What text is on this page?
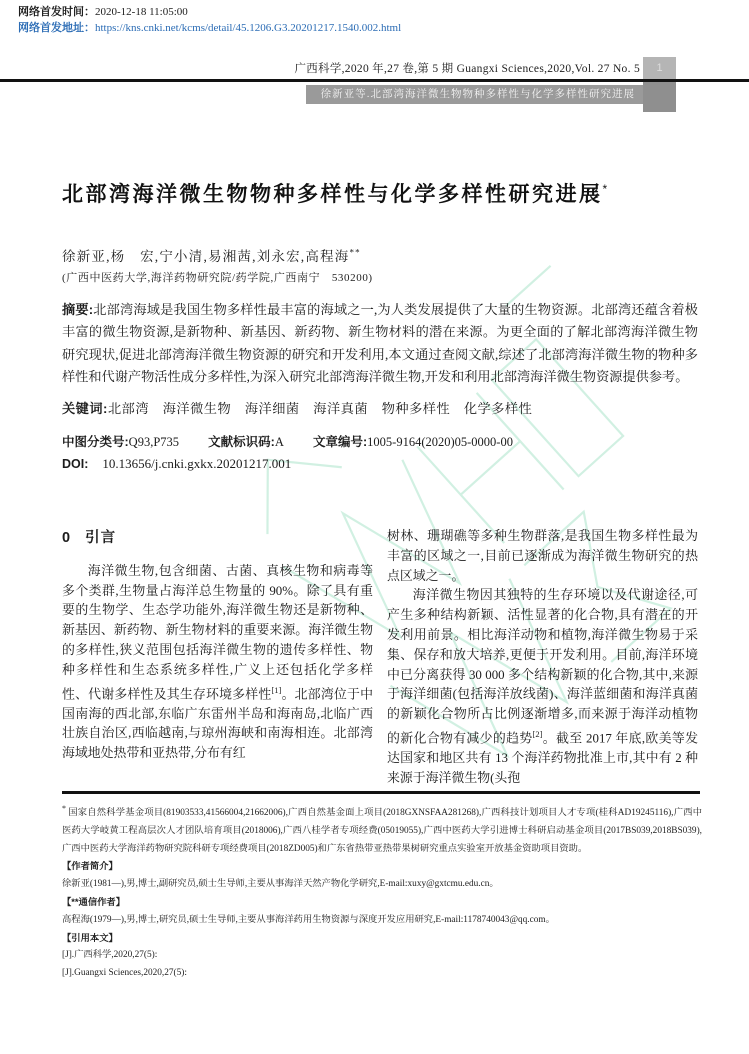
网络首发时间：2020-12-18 11:05:00
网络首发地址：https://kns.cnki.net/kcms/detail/45.1206.G3.20201217.1540.002.html
广西科学,2020 年,27 卷,第 5 期 Guangxi Sciences,2020,Vol. 27 No. 5
徐新亚等.北部湾海洋微生物物种多样性与化学多样性研究进展
1
北部湾海洋微生物物种多样性与化学多样性研究进展*
徐新亚,杨　宏,宁小清,易湘茜,刘永宏,高程海**
(广西中医药大学,海洋药物研究院/药学院,广西南宁　530200)
摘要:北部湾海域是我国生物多样性最丰富的海域之一,为人类发展提供了大量的生物资源。北部湾还蕴含着极丰富的微生物资源,是新物种、新基因、新药物、新生物材料的潜在来源。为更全面的了解北部湾海洋微生物研究现状,促进北部湾海洋微生物资源的研究和开发利用,本文通过查阅文献,综述了北部湾海洋微生物的物种多样性和代谢产物活性成分多样性,为深入研究北部湾海洋微生物,开发和利用北部湾海洋微生物资源提供参考。
关键词:北部湾　海洋微生物　海洋细菌　海洋真菌　物种多样性　化学多样性
中图分类号:Q93,P735 文献标识码:A 文章编号:1005-9164(2020)05-0000-00
DOI: 10.13656/j.cnki.gxkx.20201217.001
0 引言

海洋微生物,包含细菌、古菌、真核生物和病毒等多个类群,生物量占海洋总生物量的 90%。除了具有重要的生物学、生态学功能外,海洋微生物还是新物种、新基因、新药物、新生物材料的重要来源。海洋微生物的多样性,狭义范围包括海洋微生物的遗传多样性、物种多样性和生态系统多样性,广义上还包括化学多样性、代谢多样性及其生存环境多样性[1]。北部湾位于中国南海的西北部,东临广东雷州半岛和海南岛,北临广西壮族自治区,西临越南,与琼州海峡和南海相连。北部湾海域地处热带和亚热带,分布有红

树林、珊瑚礁等多种生物群落,是我国生物多样性最为丰富的区域之一,目前已逐渐成为海洋微生物研究的热点区域之一。

海洋微生物因其独特的生存环境以及代谢途径,可产生多种结构新颖、活性显著的化合物,具有潜在的开发利用前景。相比海洋动物和植物,海洋微生物易于采集、保存和放大培养,更便于开发利用。目前,海洋环境中已分离获得 30 000 多个结构新颖的化合物,其中,来源于海洋细菌(包括海洋放线菌)、海洋蓝细菌和海洋真菌的新颖化合物所占比例逐渐增多,而来源于海洋动植物的新化合物有减少的趋势[2]。截至 2017 年底,欧美等发达国家和地区共有 13 个海洋药物批准上市,其中有 2 种来源于海洋微生物(头孢

* 国家自然科学基金项目(81903533,41566004,21662006),广西自然基金面上项目(2018GXNSFAA281268),广西科技计划项目人才专项(桂科AD19245116),广西中医药大学岐黄工程高层次人才团队培育项目(2018006),广西八桂学者专项经费(05019055),广西中医药大学引进博士科研启动基金项目(2017BS039,2018BS039),广西中医药大学海洋药物研究院科研专项经费项目(2018ZD005)和广东省热带亚热带果树研究重点实验室开放基金资助项目资助。

【作者简介】

徐新亚(1981—),男,博士,副研究员,硕士生导师,主要从事海洋天然产物化学研究,E-mail:xuxy@gxtcmu.edu.cn。

【**通信作者】

高程海(1979—),男,博士,研究员,硕士生导师,主要从事海洋药用生物资源与深度开发应用研究,E-mail:1178740043@qq.com。

【引用本文】

[J].广西科学,2020,27(5):

[J].Guangxi Sciences,2020,27(5):
